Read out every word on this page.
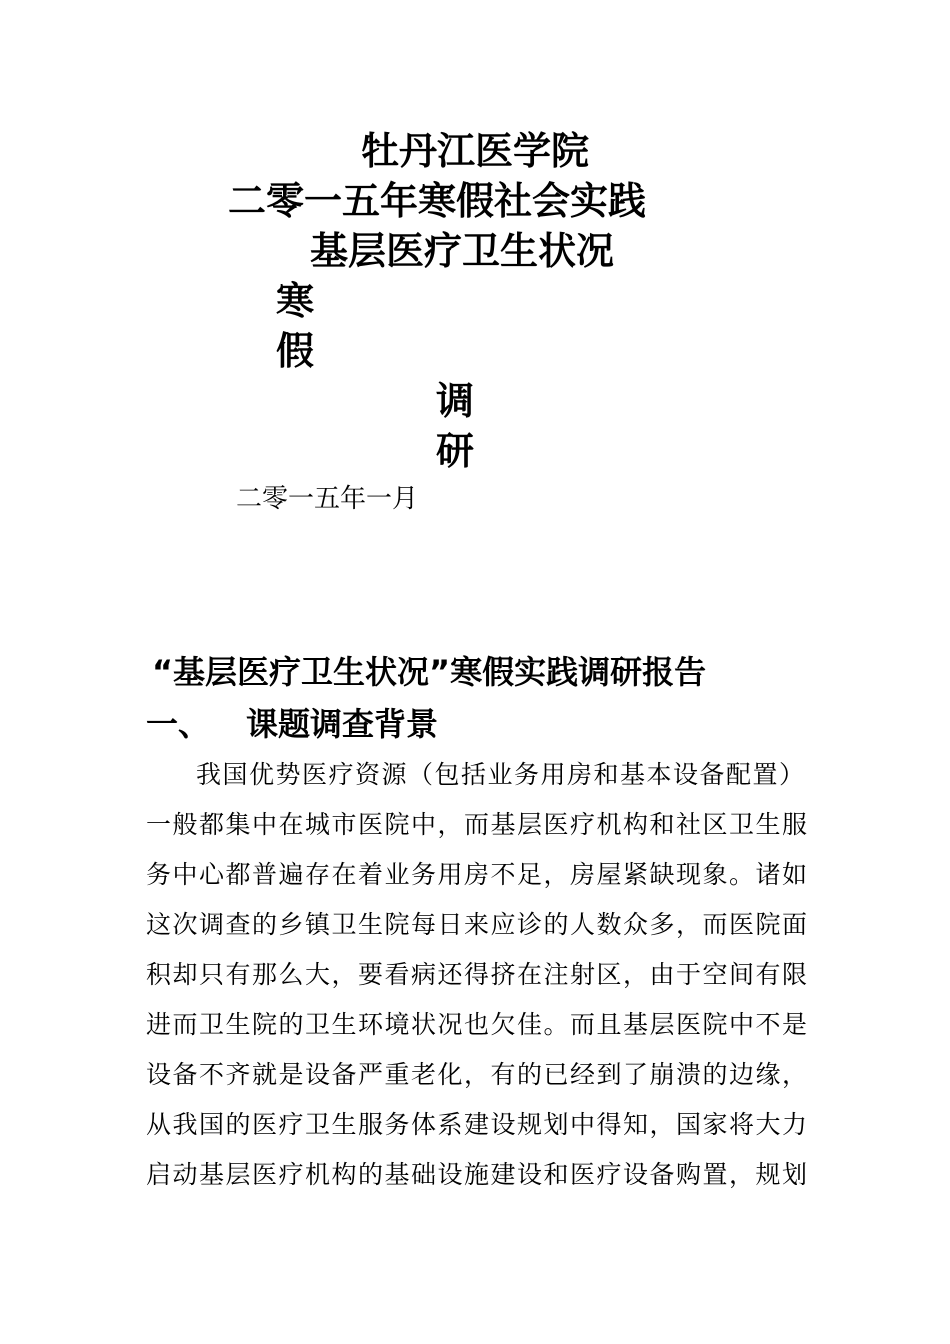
牡丹江医学院
二零一五年寒假社会实践
基层医疗卫生状况
寒
假
调
研
二零一五年一月
“基层医疗卫生状况”寒假实践调研报告
一、 课题调查背景
我国优势医疗资源（包括业务用房和基本设备配置）
一般都集中在城市医院中，而基层医疗机构和社区卫生服
务中心都普遍存在着业务用房不足，房屋紧缺现象。诸如
这次调查的乡镇卫生院每日来应诊的人数众多，而医院面
积却只有那么大，要看病还得挤在注射区，由于空间有限
进而卫生院的卫生环境状况也欠佳。而且基层医院中不是
设备不齐就是设备严重老化，有的已经到了崩溃的边缘，
从我国的医疗卫生服务体系建设规划中得知，国家将大力
启动基层医疗机构的基础设施建设和医疗设备购置，规划
